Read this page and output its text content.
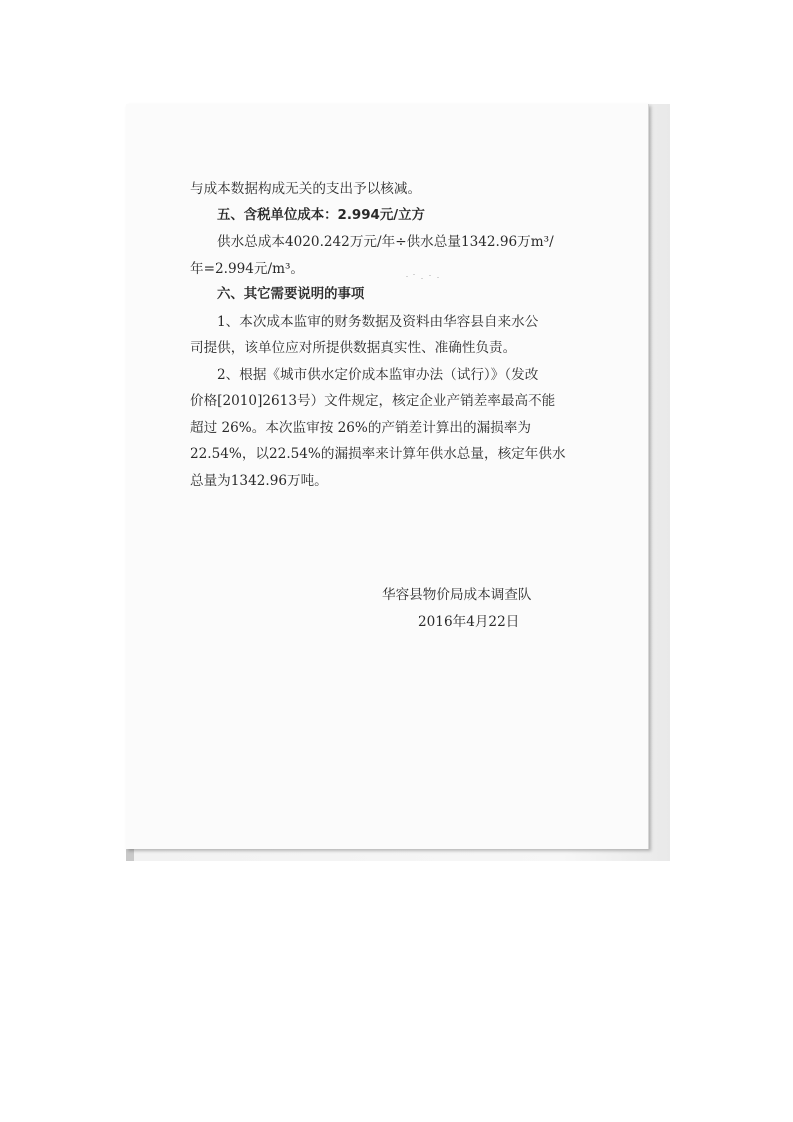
与成本数据构成无关的支出予以核减。

五、含税单位成本：2.994元/立方

供水总成本4020.242万元/年÷供水总量1342.96万m³/

年=2.994元/m³。

六、其它需要说明的事项

1、本次成本监审的财务数据及资料由华容县自来水公

司提供，该单位应对所提供数据真实性、准确性负责。

2、根据《城市供水定价成本监审办法（试行）》（发改

价格[2010]2613号）文件规定，核定企业产销差率最高不能

超过 26%。本次监审按 26%的产销差计算出的漏损率为

22.54%，以22.54%的漏损率来计算年供水总量，核定年供水

总量为1342.96万吨。

华容县物价局成本调查队
2016年4月22日
